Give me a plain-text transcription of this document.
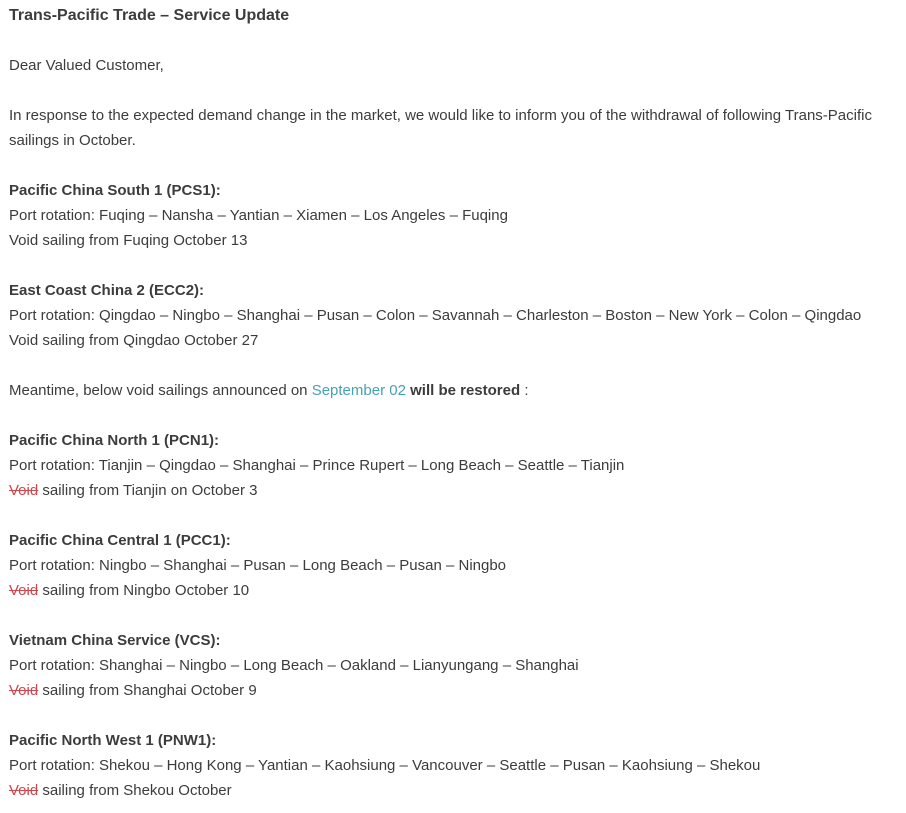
Trans-Pacific Trade – Service Update
Dear Valued Customer,
In response to the expected demand change in the market, we would like to inform you of the withdrawal of following Trans-Pacific sailings in October.
Pacific China South 1 (PCS1):
Port rotation: Fuqing – Nansha – Yantian – Xiamen – Los Angeles – Fuqing
Void sailing from Fuqing October 13
East Coast China 2 (ECC2):
Port rotation: Qingdao – Ningbo – Shanghai – Pusan – Colon – Savannah – Charleston – Boston – New York – Colon – Qingdao
Void sailing from Qingdao October 27
Meantime, below void sailings announced on September 02 will be restored :
Pacific China North 1 (PCN1):
Port rotation: Tianjin – Qingdao – Shanghai – Prince Rupert – Long Beach – Seattle – Tianjin
Void sailing from Tianjin on October 3
Pacific China Central 1 (PCC1):
Port rotation: Ningbo – Shanghai – Pusan – Long Beach – Pusan – Ningbo
Void sailing from Ningbo October 10
Vietnam China Service (VCS):
Port rotation: Shanghai – Ningbo – Long Beach – Oakland – Lianyungang – Shanghai
Void sailing from Shanghai October 9
Pacific North West 1 (PNW1):
Port rotation: Shekou – Hong Kong – Yantian – Kaohsiung – Vancouver – Seattle – Pusan – Kaohsiung – Shekou
Void sailing from Shekou October
